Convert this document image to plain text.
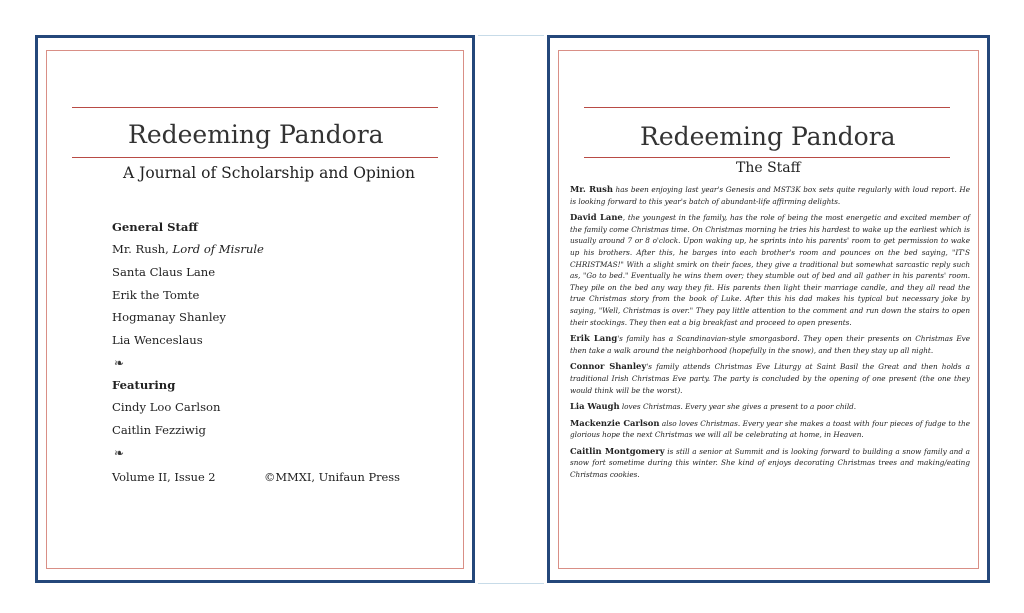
Redeeming Pandora
A Journal of Scholarship and Opinion
General Staff
Mr. Rush, Lord of Misrule
Santa Claus Lane
Erik the Tomte
Hogmanay Shanley
Lia Wenceslaus
❧
Featuring
Cindy Loo Carlson
Caitlin Fezziwig
❧
Volume II, Issue 2	©MMXI, Unifaun Press
Redeeming Pandora
The Staff

Mr. Rush has been enjoying last year's Genesis and MST3K box sets quite regularly with loud report. He is looking forward to this year's batch of abundant-life affirming delights.

David Lane, the youngest in the family, has the role of being the most energetic and excited member of the family come Christmas time. On Christmas morning he tries his hardest to wake up the earliest which is usually around 7 or 8 o'clock. Upon waking up, he sprints into his parents' room to get permission to wake up his brothers. After this, he barges into each brother's room and pounces on the bed saying, "IT'S CHRISTMAS!" With a slight smirk on their faces, they give a traditional but somewhat sarcastic reply such as, "Go to bed." Eventually he wins them over; they stumble out of bed and all gather in his parents' room. They pile on the bed any way they fit. His parents then light their marriage candle, and they all read the true Christmas story from the book of Luke. After this his dad makes his typical but necessary joke by saying, "Well, Christmas is over." They pay little attention to the comment and run down the stairs to open their stockings. They then eat a big breakfast and proceed to open presents.

Erik Lang's family has a Scandinavian-style smorgasbord. They open their presents on Christmas Eve then take a walk around the neighborhood (hopefully in the snow), and then they stay up all night.

Connor Shanley's family attends Christmas Eve Liturgy at Saint Basil the Great and then holds a traditional Irish Christmas Eve party. The party is concluded by the opening of one present (the one they would think will be the worst).

Lia Waugh loves Christmas. Every year she gives a present to a poor child.

Mackenzie Carlson also loves Christmas. Every year she makes a toast with four pieces of fudge to the glorious hope the next Christmas we will all be celebrating at home, in Heaven.

Caitlin Montgomery is still a senior at Summit and is looking forward to building a snow family and a snow fort sometime during this winter. She kind of enjoys decorating Christmas trees and making/eating Christmas cookies.
